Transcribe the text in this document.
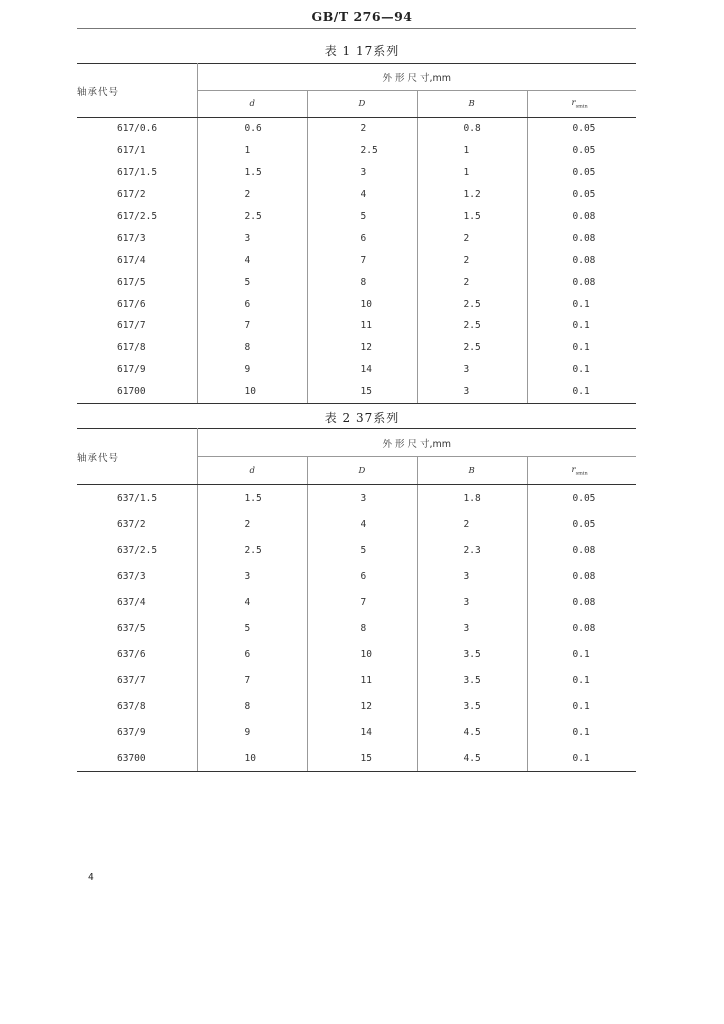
GB/T 276—94
表 1 17系列
轴承代号	外 形 尺 寸,mm			
	d	D	B	$r_{smin}$
617/0.6	0.6	2	0.8	0.05
617/1	1	2.5	1	0.05
617/1.5	1.5	3	1	0.05
617/2	2	4	1.2	0.05
617/2.5	2.5	5	1.5	0.08
617/3	3	6	2	0.08
617/4	4	7	2	0.08
617/5	5	8	2	0.08
617/6	6	10	2.5	0.1
617/7	7	11	2.5	0.1
617/8	8	12	2.5	0.1
617/9	9	14	3	0.1
61700	10	15	3	0.1
表 2 37系列
轴承代号	外 形 尺 寸,mm			
	d	D	B	$r_{smin}$
637/1.5	1.5	3	1.8	0.05
637/2	2	4	2	0.05
637/2.5	2.5	5	2.3	0.08
637/3	3	6	3	0.08
637/4	4	7	3	0.08
637/5	5	8	3	0.08
637/6	6	10	3.5	0.1
637/7	7	11	3.5	0.1
637/8	8	12	3.5	0.1
637/9	9	14	4.5	0.1
63700	10	15	4.5	0.1
4
